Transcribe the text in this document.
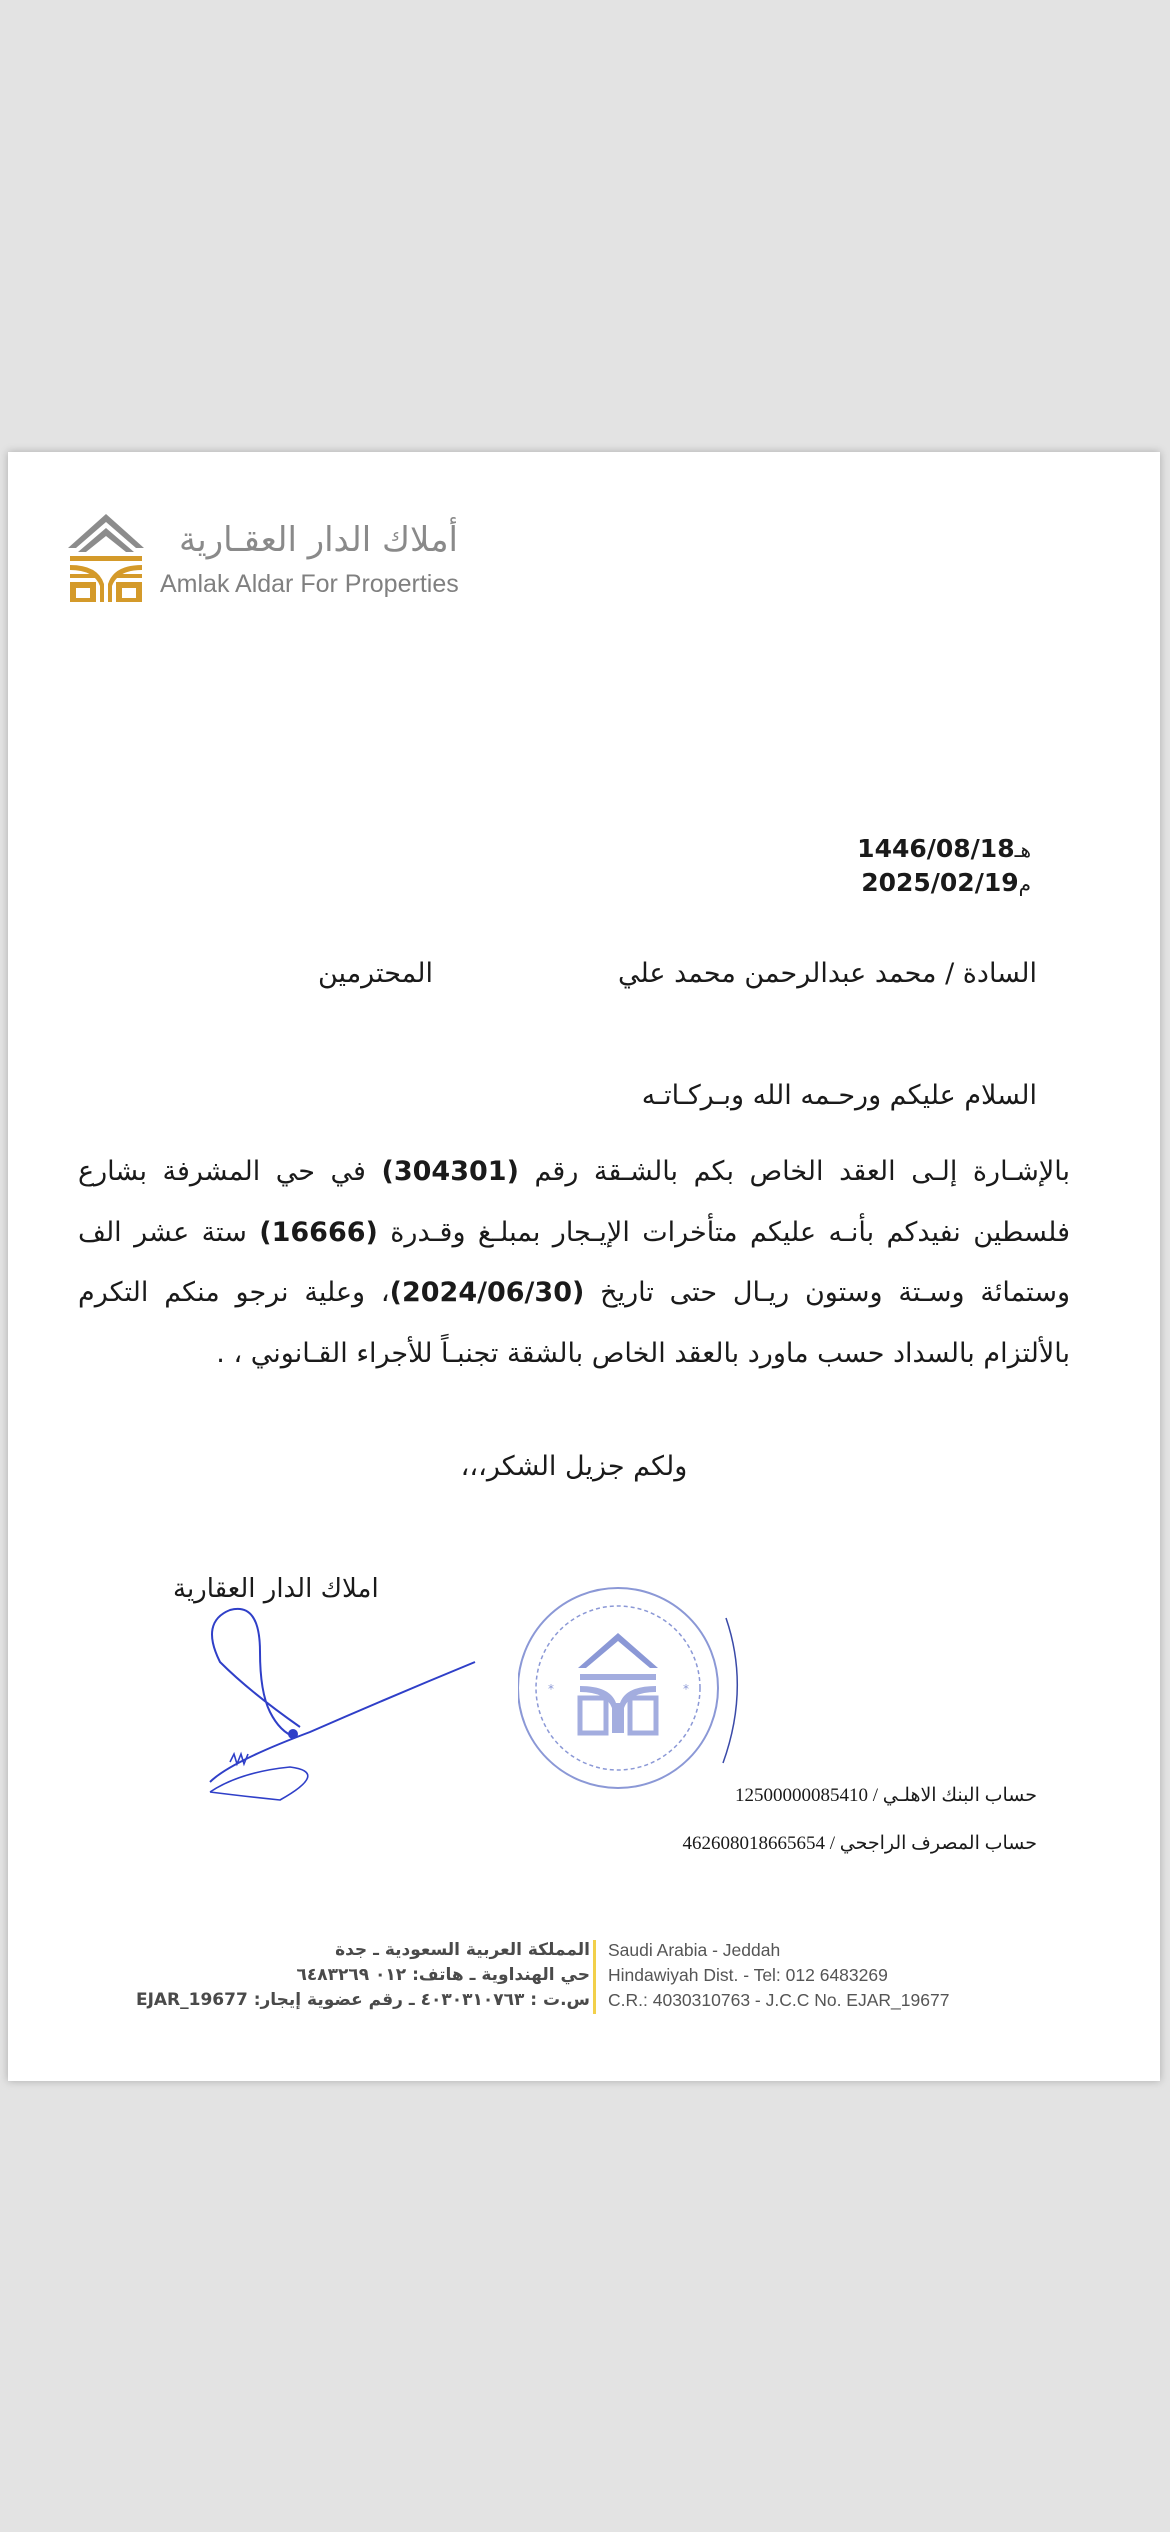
أملاك الدار العقـارية
Amlak Aldar For Properties
هـ1446/08/18
م2025/02/19
السادة / محمد عبدالرحمن محمد علي
المحترمين
السلام عليكم ورحـمه الله وبـركـاتـه
بالإشـارة إلـى العقد الخاص بكم بالشـقة رقم (304301) في حي المشرفة بشارع فلسطين نفيدكم بأنـه عليكم متأخرات الإيـجار بمبلـغ وقـدرة (16666) ستة عشر الف وستمائة وسـتة وستون ريـال حتى تاريخ (2024/06/30)، وعلية نرجو منكم التكرم بالألتزام بالسداد حسب ماورد بالعقد الخاص بالشقة تجنبـاً للأجراء القـانوني ، .
ولكم جزيل الشكر،،،
املاك الدار العقارية
*	*
حساب البنك الاهلـي / 12500000085410
حساب المصرف الراجحي / 462608018665654
المملكة العربية السعودية ـ جدة
حي الهنداوية ـ هاتف: ٠١٢ ٦٤٨٣٢٦٩
س.ت : ٤٠٣٠٣١٠٧٦٣ ـ رقم عضوية إيجار: EJAR_19677
Saudi Arabia - Jeddah
Hindawiyah Dist. - Tel: 012 6483269
C.R.: 4030310763 - J.C.C No. EJAR_19677
